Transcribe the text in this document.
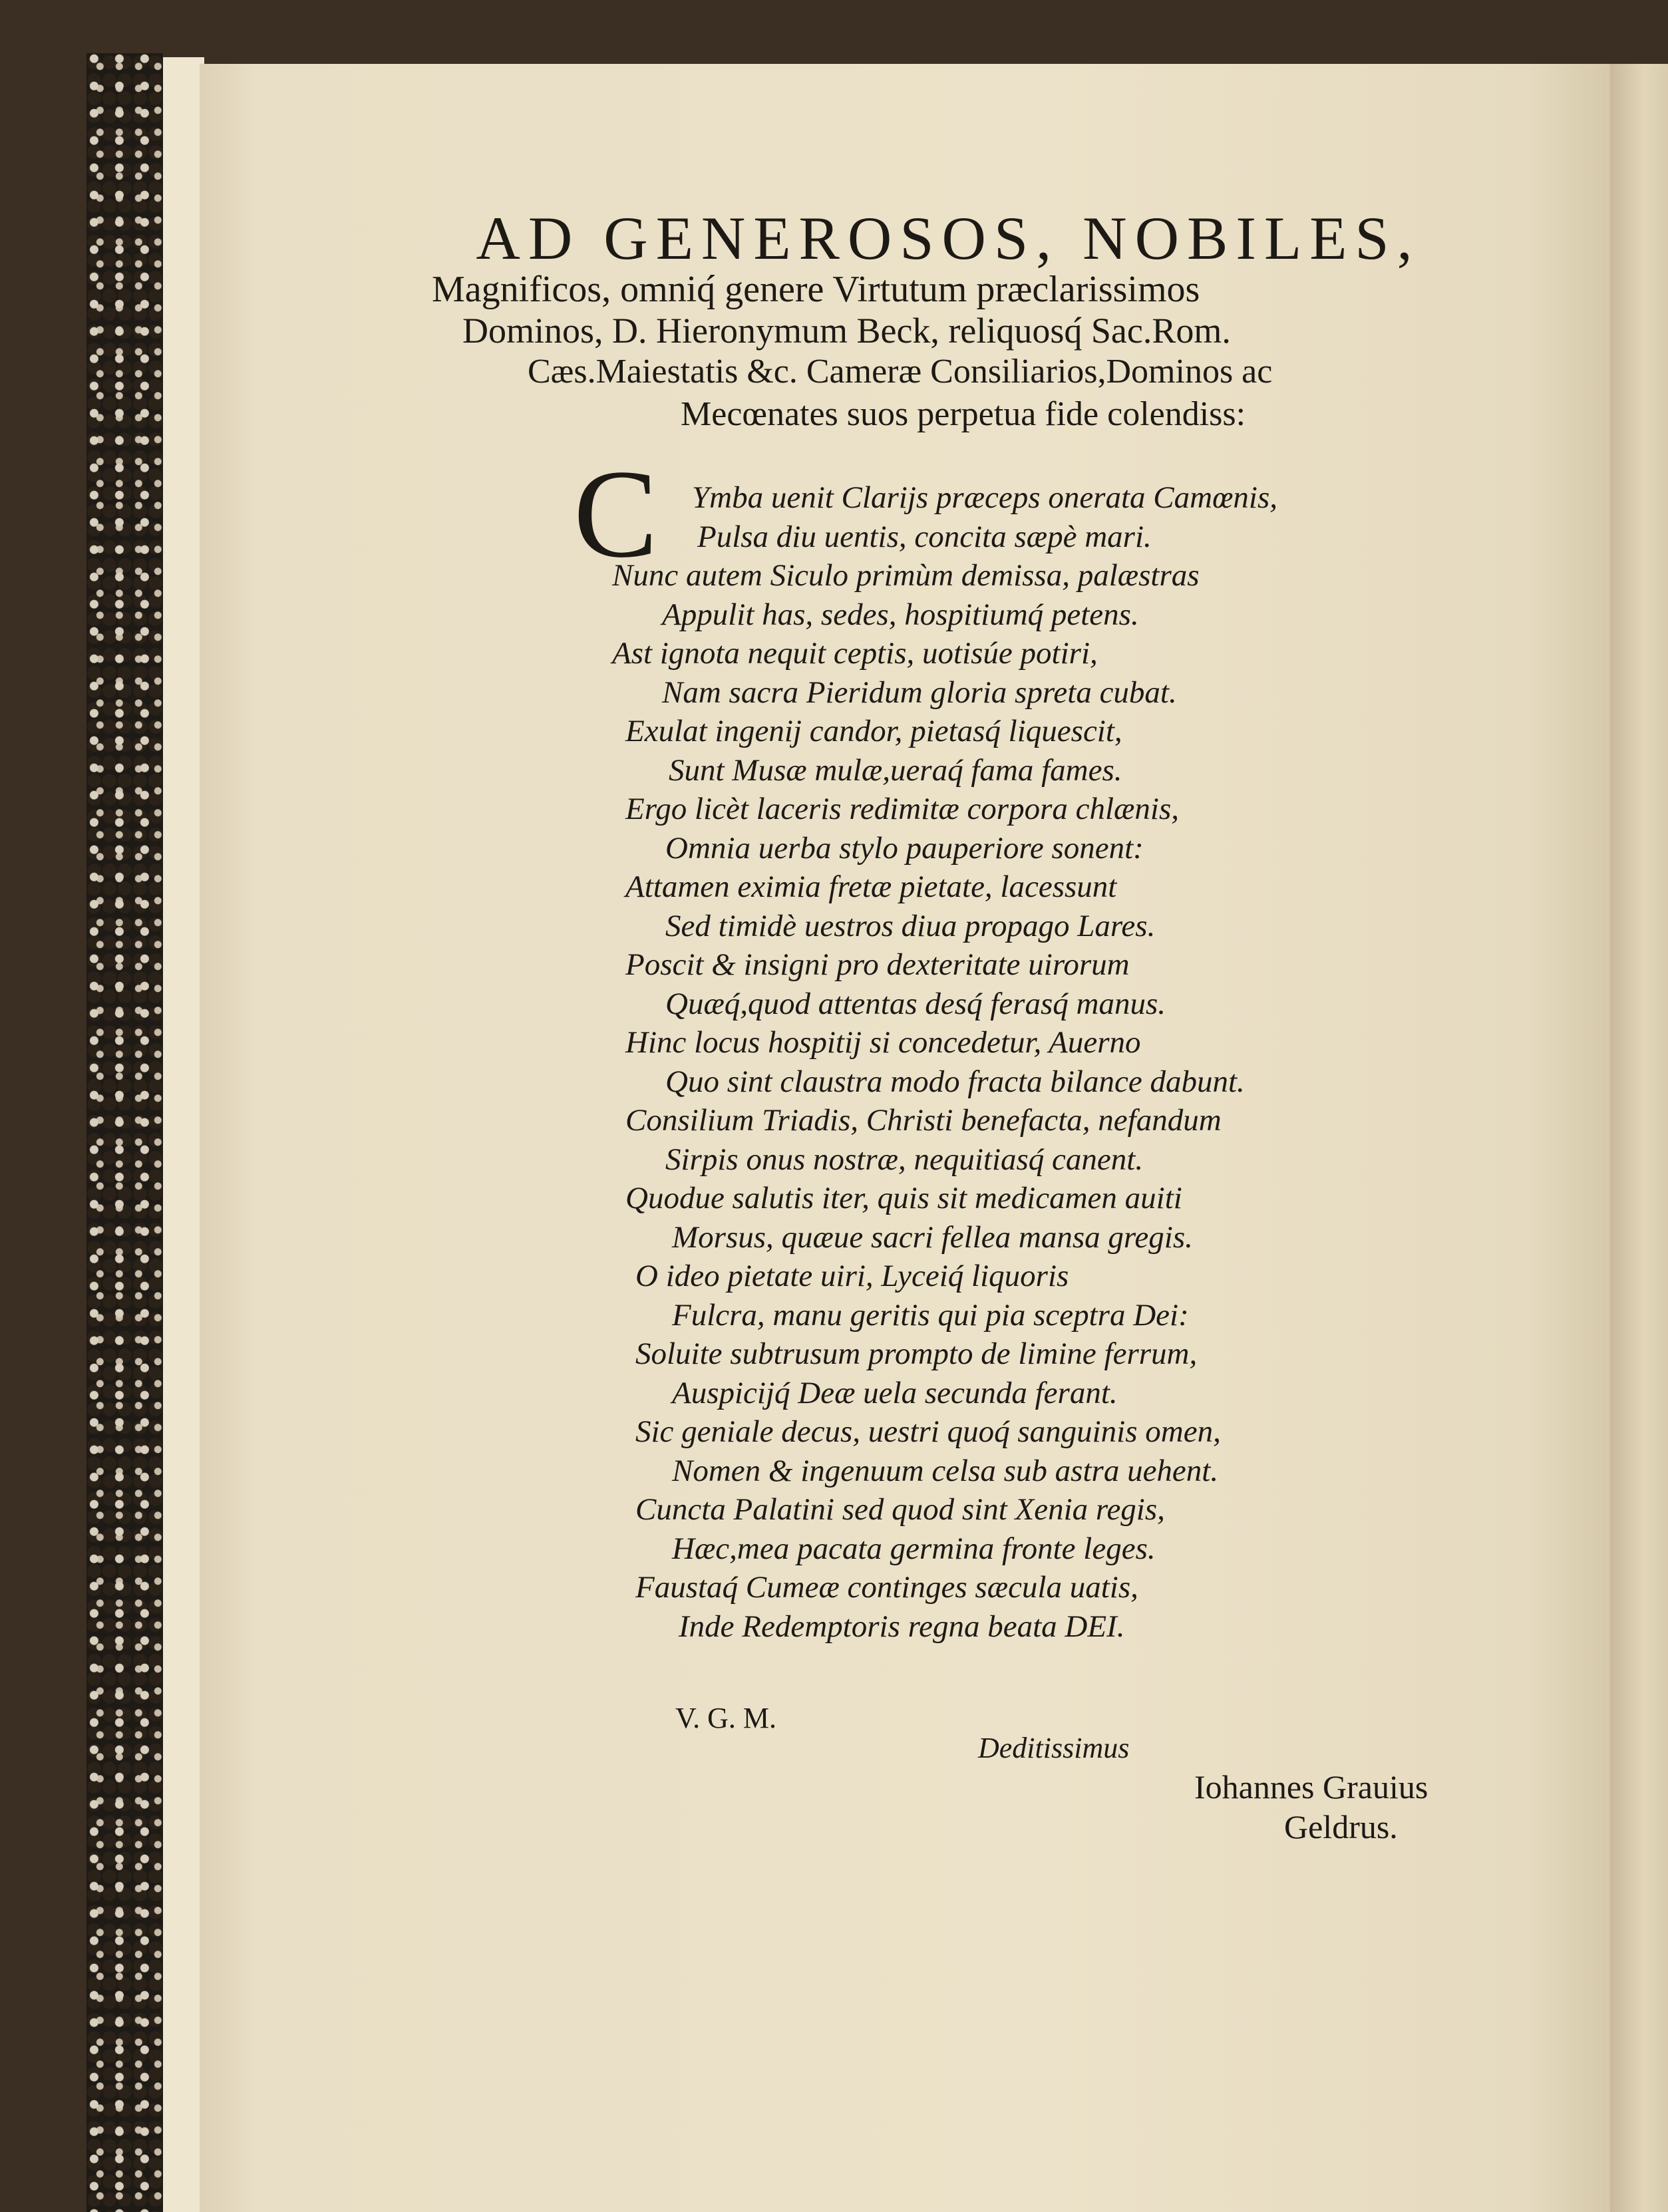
AD GENEROSOS, NOBILES,
Magnificos, omniq́ genere Virtutum præclarissimos
Dominos, D. Hieronymum Beck, reliquosq́ Sac.Rom.
Cæs.Maiestatis &c. Cameræ Consiliarios,Dominos ac
Mecœnates suos perpetua fide colendiss:
C Ymba uenit Clarijs præceps onerata Camœnis,
Pulsa diu uentis, concita sæpè mari.
Nunc autem Siculo primùm demissa, palæstras
Appulit has, sedes, hospitiumq́ petens.
Ast ignota nequit ceptis, uotisúe potiri,
Nam sacra Pieridum gloria spreta cubat.
Exulat ingenij candor, pietasq́ liquescit,
Sunt Musæ mulæ,ueraq́ fama fames.
Ergo licèt laceris redimitæ corpora chlænis,
Omnia uerba stylo pauperiore sonent:
Attamen eximia fretæ pietate, lacessunt
Sed timidè uestros diua propago Lares.
Poscit & insigni pro dexteritate uirorum
Quæq́,quod attentas desq́ ferasq́ manus.
Hinc locus hospitij si concedetur, Auerno
Quo sint claustra modo fracta bilance dabunt.
Consilium Triadis, Christi benefacta, nefandum
Sirpis onus nostræ, nequitiasq́ canent.
Quodue salutis iter, quis sit medicamen auiti
Morsus, quæue sacri fellea mansa gregis.
O ideo pietate uiri, Lyceiq́ liquoris
Fulcra, manu geritis qui pia sceptra Dei:
Soluite subtrusum prompto de limine ferrum,
Auspicijq́ Deæ uela secunda ferant.
Sic geniale decus, uestri quoq́ sanguinis omen,
Nomen & ingenuum celsa sub astra uehent.
Cuncta Palatini sed quod sint Xenia regis,
Hæc,mea pacata germina fronte leges.
Faustaq́ Cumeæ continges sæcula uatis,
Inde Redemptoris regna beata DEI.
V. G. M.
Deditissimus
Iohannes Grauius
Geldrus.
